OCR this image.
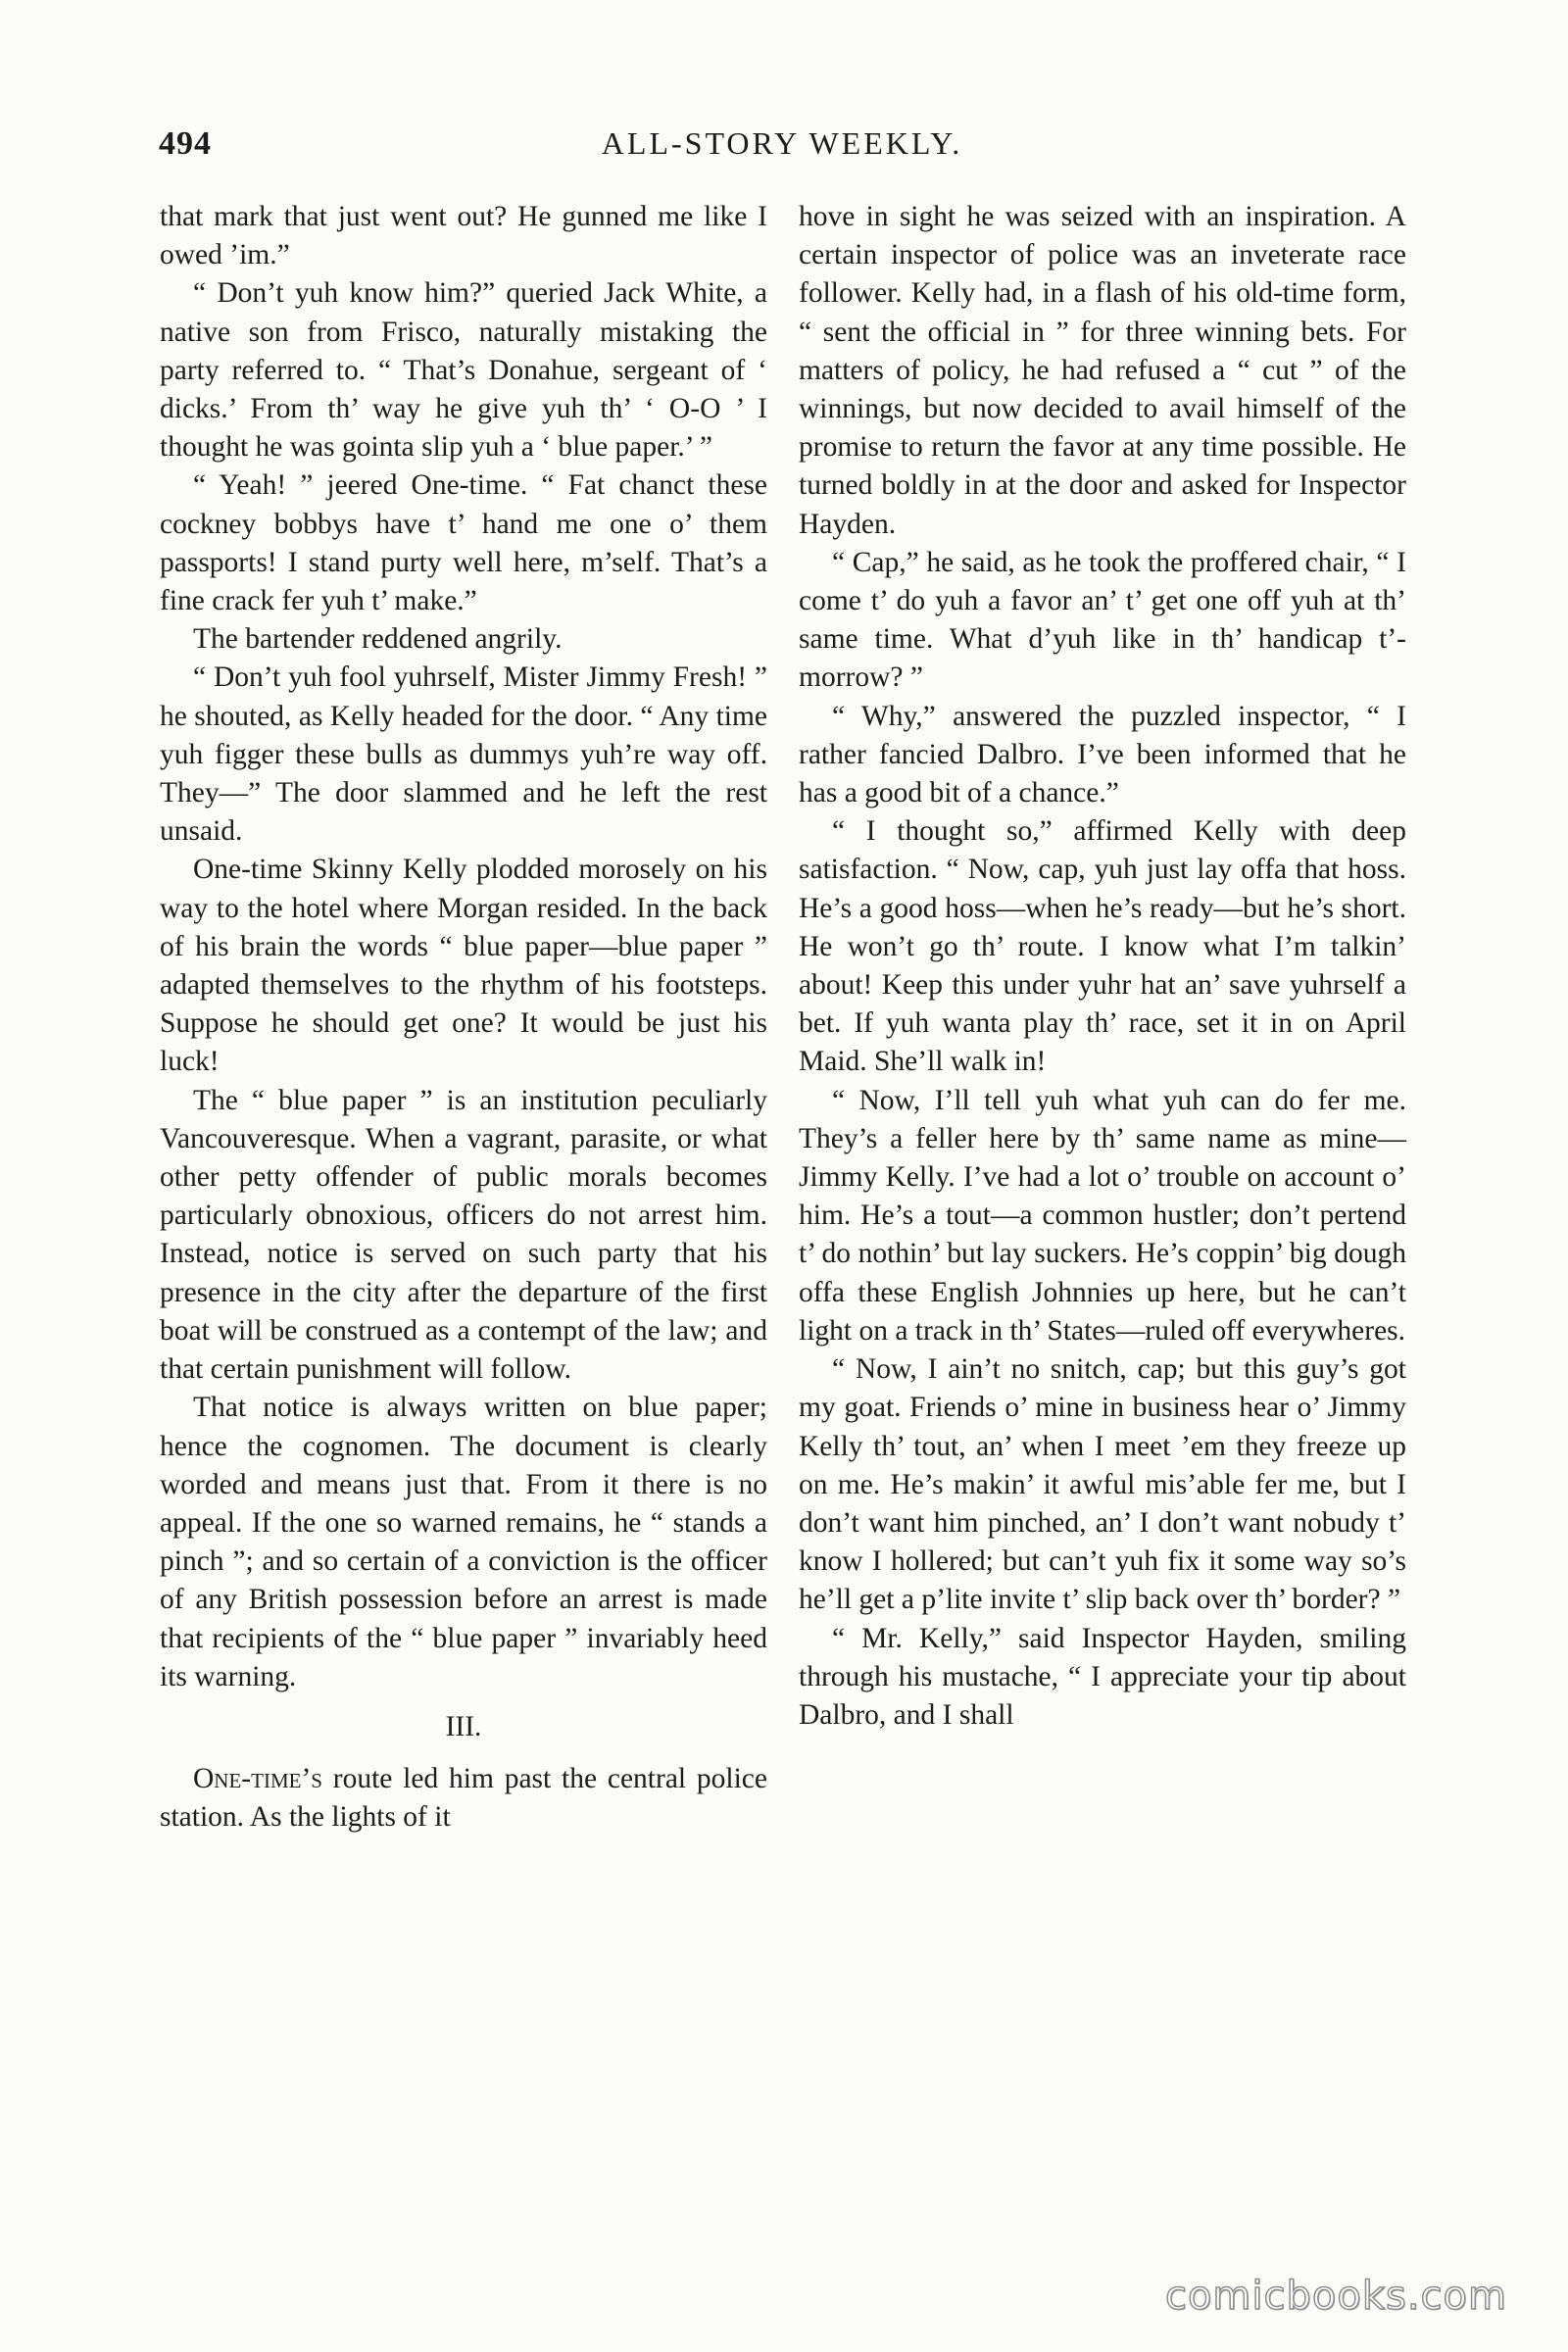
494	ALL-STORY WEEKLY.

that mark that just went out? He gunned me like I owed ’im.”

“ Don’t yuh know him?” queried Jack White, a native son from Frisco, naturally mistaking the party referred to. “ That’s Donahue, sergeant of ‘ dicks.’ From th’ way he give yuh th’ ‘ O-O ’ I thought he was gointa slip yuh a ‘ blue paper.’ ”

“ Yeah! ” jeered One-time. “ Fat chanct these cockney bobbys have t’ hand me one o’ them passports! I stand purty well here, m’self. That’s a fine crack fer yuh t’ make.”

The bartender reddened angrily.

“ Don’t yuh fool yuhrself, Mister Jimmy Fresh! ” he shouted, as Kelly headed for the door. “ Any time yuh figger these bulls as dummys yuh’re way off. They—” The door slammed and he left the rest unsaid.

One-time Skinny Kelly plodded morosely on his way to the hotel where Morgan resided. In the back of his brain the words “ blue paper—blue paper ” adapted themselves to the rhythm of his footsteps. Suppose he should get one? It would be just his luck!

The “ blue paper ” is an institution peculiarly Vancouveresque. When a vagrant, parasite, or what other petty offender of public morals becomes particularly obnoxious, officers do not arrest him. Instead, notice is served on such party that his presence in the city after the departure of the first boat will be construed as a contempt of the law; and that certain punishment will follow.

That notice is always written on blue paper; hence the cognomen. The document is clearly worded and means just that. From it there is no appeal. If the one so warned remains, he “ stands a pinch ”; and so certain of a conviction is the officer of any British possession before an arrest is made that recipients of the “ blue paper ” invariably heed its warning.

III.

One-time’s route led him past the central police station. As the lights of it

hove in sight he was seized with an inspiration. A certain inspector of police was an inveterate race follower. Kelly had, in a flash of his old-time form, “ sent the official in ” for three winning bets. For matters of policy, he had refused a “ cut ” of the winnings, but now decided to avail himself of the promise to return the favor at any time possible. He turned boldly in at the door and asked for Inspector Hayden.

“ Cap,” he said, as he took the proffered chair, “ I come t’ do yuh a favor an’ t’ get one off yuh at th’ same time. What d’yuh like in th’ handicap t’-morrow? ”

“ Why,” answered the puzzled inspector, “ I rather fancied Dalbro. I’ve been informed that he has a good bit of a chance.”

“ I thought so,” affirmed Kelly with deep satisfaction. “ Now, cap, yuh just lay offa that hoss. He’s a good hoss—when he’s ready—but he’s short. He won’t go th’ route. I know what I’m talkin’ about! Keep this under yuhr hat an’ save yuhrself a bet. If yuh wanta play th’ race, set it in on April Maid. She’ll walk in!

“ Now, I’ll tell yuh what yuh can do fer me. They’s a feller here by th’ same name as mine—Jimmy Kelly. I’ve had a lot o’ trouble on account o’ him. He’s a tout—a common hustler; don’t pertend t’ do nothin’ but lay suckers. He’s coppin’ big dough offa these English Johnnies up here, but he can’t light on a track in th’ States—ruled off everywheres.

“ Now, I ain’t no snitch, cap; but this guy’s got my goat. Friends o’ mine in business hear o’ Jimmy Kelly th’ tout, an’ when I meet ’em they freeze up on me. He’s makin’ it awful mis’able fer me, but I don’t want him pinched, an’ I don’t want nobudy t’ know I hollered; but can’t yuh fix it some way so’s he’ll get a p’lite invite t’ slip back over th’ border? ”

“ Mr. Kelly,” said Inspector Hayden, smiling through his mustache, “ I appreciate your tip about Dalbro, and I shall

comicbooks.com
